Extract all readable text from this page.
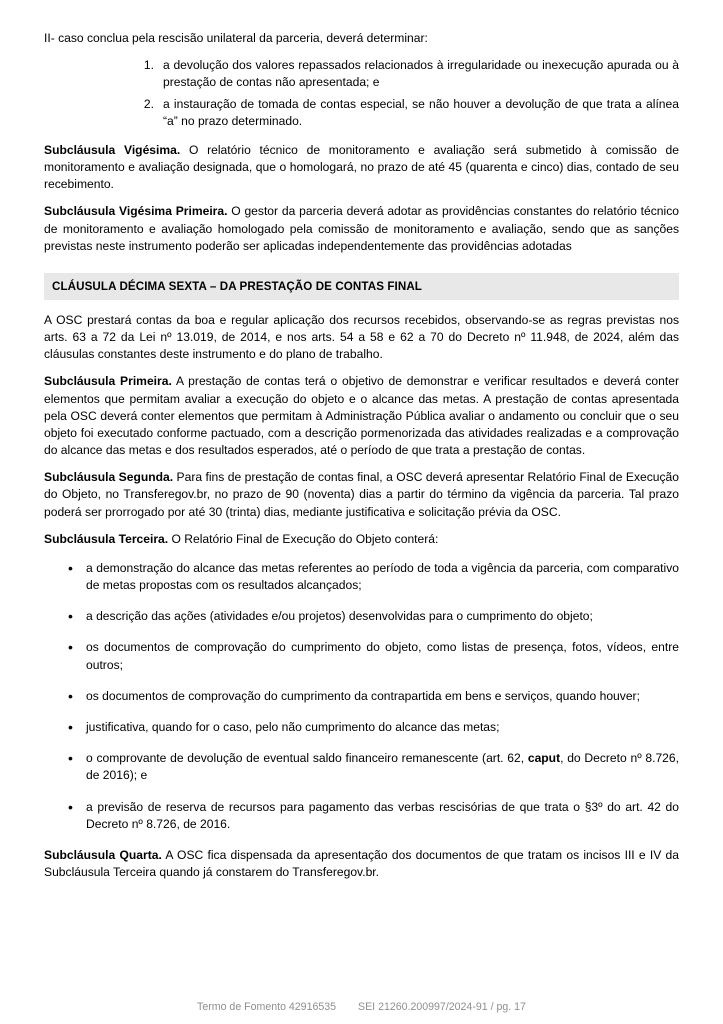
II- caso conclua pela rescisão unilateral da parceria, deverá determinar:

1. a devolução dos valores repassados relacionados à irregularidade ou inexecução apurada ou à prestação de contas não apresentada; e
2. a instauração de tomada de contas especial, se não houver a devolução de que trata a alínea “a” no prazo determinado.

Subcláusula Vigésima. O relatório técnico de monitoramento e avaliação será submetido à comissão de monitoramento e avaliação designada, que o homologará, no prazo de até 45 (quarenta e cinco) dias, contado de seu recebimento.

Subcláusula Vigésima Primeira. O gestor da parceria deverá adotar as providências constantes do relatório técnico de monitoramento e avaliação homologado pela comissão de monitoramento e avaliação, sendo que as sanções previstas neste instrumento poderão ser aplicadas independentemente das providências adotadas

CLÁUSULA DÉCIMA SEXTA – DA PRESTAÇÃO DE CONTAS FINAL

A OSC prestará contas da boa e regular aplicação dos recursos recebidos, observando-se as regras previstas nos arts. 63 a 72 da Lei nº 13.019, de 2014, e nos arts. 54 a 58 e 62 a 70 do Decreto nº 11.948, de 2024, além das cláusulas constantes deste instrumento e do plano de trabalho.

Subcláusula Primeira. A prestação de contas terá o objetivo de demonstrar e verificar resultados e deverá conter elementos que permitam avaliar a execução do objeto e o alcance das metas. A prestação de contas apresentada pela OSC deverá conter elementos que permitam à Administração Pública avaliar o andamento ou concluir que o seu objeto foi executado conforme pactuado, com a descrição pormenorizada das atividades realizadas e a comprovação do alcance das metas e dos resultados esperados, até o período de que trata a prestação de contas.

Subcláusula Segunda. Para fins de prestação de contas final, a OSC deverá apresentar Relatório Final de Execução do Objeto, no Transferegov.br, no prazo de 90 (noventa) dias a partir do término da vigência da parceria. Tal prazo poderá ser prorrogado por até 30 (trinta) dias, mediante justificativa e solicitação prévia da OSC.

Subcláusula Terceira. O Relatório Final de Execução do Objeto conterá:

• a demonstração do alcance das metas referentes ao período de toda a vigência da parceria, com comparativo de metas propostas com os resultados alcançados;
• a descrição das ações (atividades e/ou projetos) desenvolvidas para o cumprimento do objeto;
• os documentos de comprovação do cumprimento do objeto, como listas de presença, fotos, vídeos, entre outros;
• os documentos de comprovação do cumprimento da contrapartida em bens e serviços, quando houver;
• justificativa, quando for o caso, pelo não cumprimento do alcance das metas;
• o comprovante de devolução de eventual saldo financeiro remanescente (art. 62, caput, do Decreto nº 8.726, de 2016); e
• a previsão de reserva de recursos para pagamento das verbas rescisórias de que trata o §3º do art. 42 do Decreto nº 8.726, de 2016.

Subcláusula Quarta. A OSC fica dispensada da apresentação dos documentos de que tratam os incisos III e IV da Subcláusula Terceira quando já constarem do Transferegov.br.

Termo de Fomento 42916535 SEI 21260.200997/2024-91 / pg. 17
